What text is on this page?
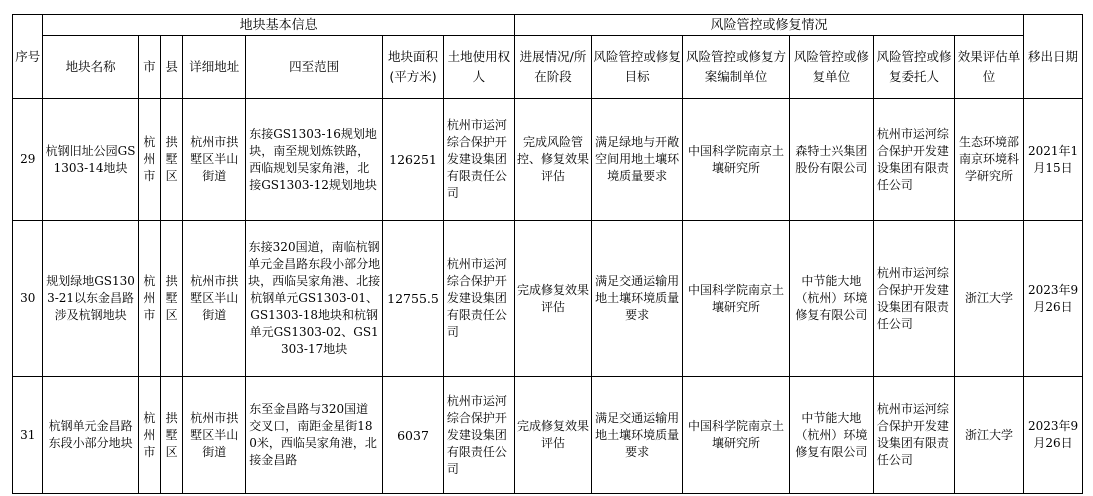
序号	地块基本信息							风险管控或修复情况						移出日期
	地块名称	市	县	详细地址	四至范围	地块面积(平方米)	土地使用权人	进展情况/所在阶段	风险管控或修复目标	风险管控或修复方案编制单位	风险管控或修复单位	风险管控或修复委托人	效果评估单位	
29	杭钢旧址公园GS1303-14地块	杭州市	拱墅区	杭州市拱墅区半山街道	东接GS1303-16规划地块，南至规划炼铁路，西临规划吴家角港，北接GS1303-12规划地块	126251	杭州市运河综合保护开发建设集团有限责任公司	完成风险管控、修复效果评估	满足绿地与开敞空间用地土壤环境质量要求	中国科学院南京土壤研究所	森特士兴集团股份有限公司	杭州市运河综合保护开发建设集团有限责任公司	生态环境部南京环境科学研究所	2021年1月15日
30	规划绿地GS1303-21以东金昌路涉及杭钢地块	杭州市	拱墅区	杭州市拱墅区半山街道	东接320国道，南临杭钢单元金昌路东段小部分地块，西临吴家角港、北接杭钢单元GS1303-01、GS1303-18地块和杭钢单元GS1303-02、GS1303-17地块	12755.5	杭州市运河综合保护开发建设集团有限责任公司	完成修复效果评估	满足交通运输用地土壤环境质量要求	中国科学院南京土壤研究所	中节能大地（杭州）环境修复有限公司	杭州市运河综合保护开发建设集团有限责任公司	浙江大学	2023年9月26日
31	杭钢单元金昌路东段小部分地块	杭州市	拱墅区	杭州市拱墅区半山街道	东至金昌路与320国道交叉口，南距金星街180米，西临吴家角港，北接金昌路	6037	杭州市运河综合保护开发建设集团有限责任公司	完成修复效果评估	满足交通运输用地土壤环境质量要求	中国科学院南京土壤研究所	中节能大地（杭州）环境修复有限公司	杭州市运河综合保护开发建设集团有限责任公司	浙江大学	2023年9月26日
